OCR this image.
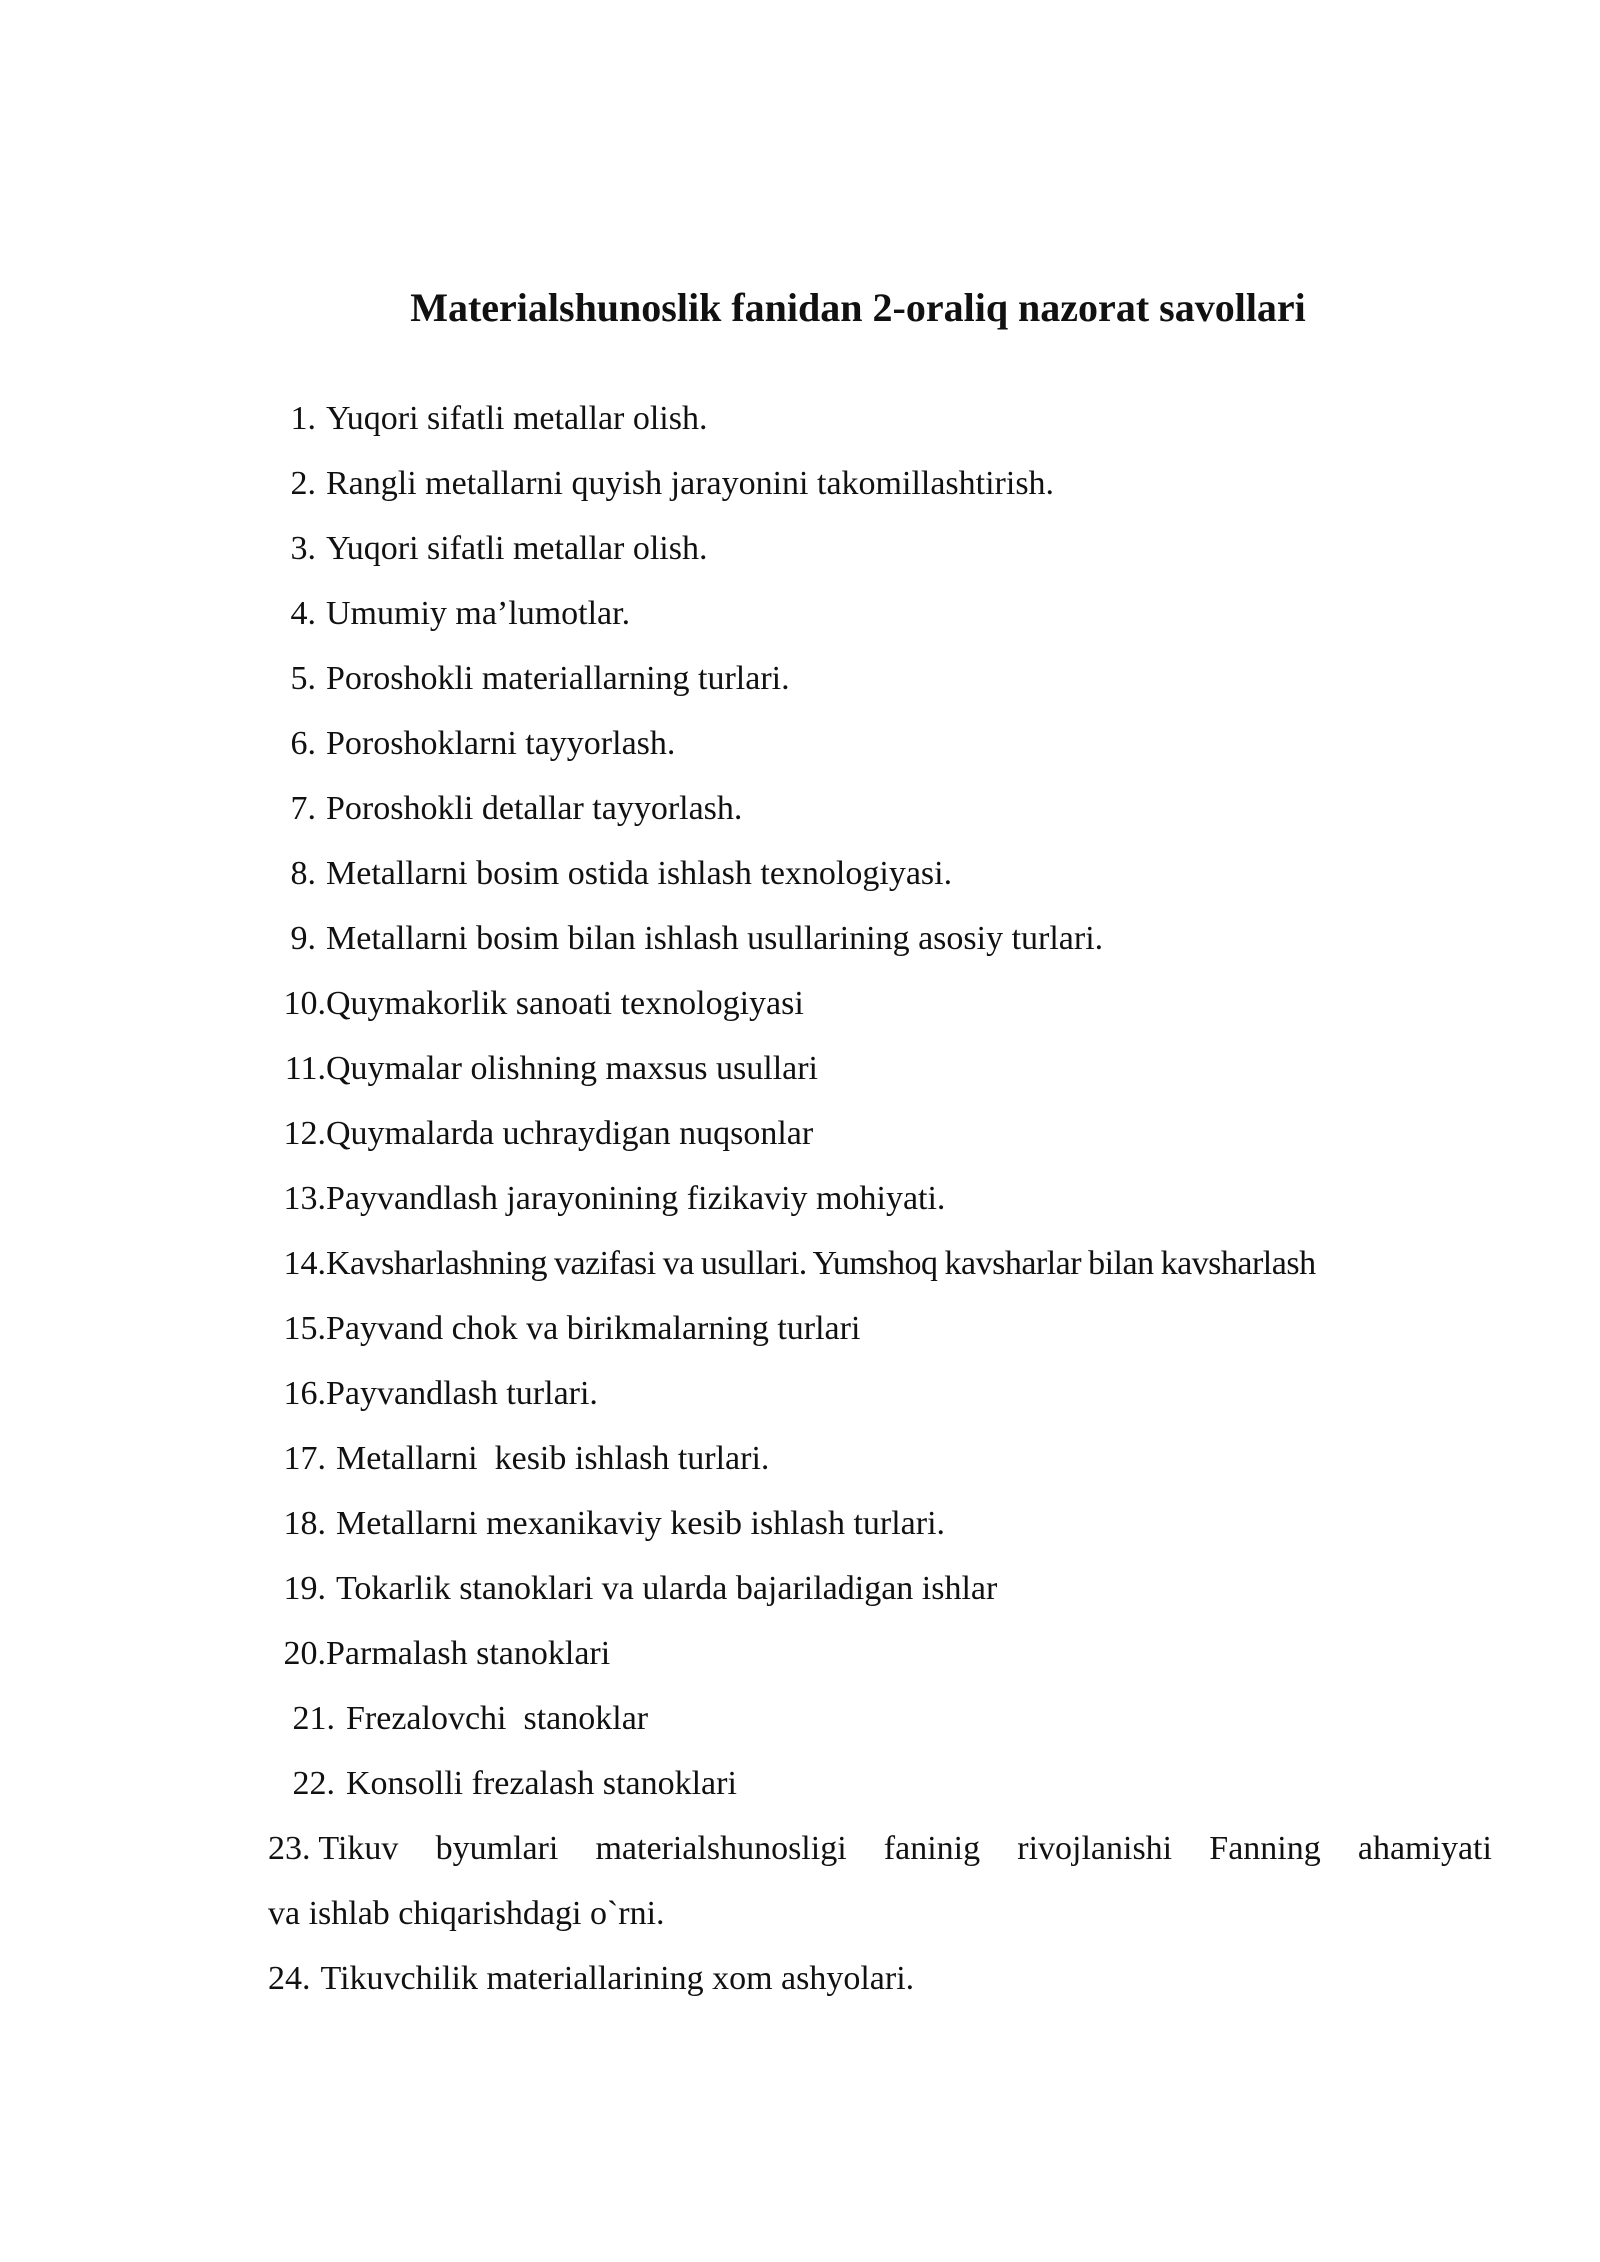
Materialshunoslik fanidan 2-oraliq nazorat savollari
1. Yuqori sifatli metallar olish.
2. Rangli metallarni quyish jarayonini takomillashtirish.
3. Yuqori sifatli metallar olish.
4. Umumiy ma’lumotlar.
5. Poroshokli materiallarning turlari.
6. Poroshoklarni tayyorlash.
7. Poroshokli detallar tayyorlash.
8. Metallarni bosim ostida ishlash texnologiyasi.
9. Metallarni bosim bilan ishlash usullarining asosiy turlari.
10. Quymakorlik sanoati texnologiyasi
11. Quymalar olishning maxsus usullari
12. Quymalarda uchraydigan nuqsonlar
13. Payvandlash jarayonining fizikaviy mohiyati.
14. Kavsharlashning vazifasi va usullari. Yumshoq kavsharlar bilan kavsharlash
15. Payvand chok va birikmalarning turlari
16. Payvandlash turlari.
17. Metallarni  kesib ishlash turlari.
18. Metallarni mexanikaviy kesib ishlash turlari.
19. Tokarlik stanoklari va ularda bajariladigan ishlar
20. Parmalash stanoklari
21. Frezalovchi  stanoklar
22. Konsolli frezalash stanoklari
23. Tikuv byumlari materialshunosligi faninig rivojlanishi Fanning ahamiyati
va ishlab chiqarishdagi o`rni.
24. Tikuvchilik materiallarining xom ashyolari.
